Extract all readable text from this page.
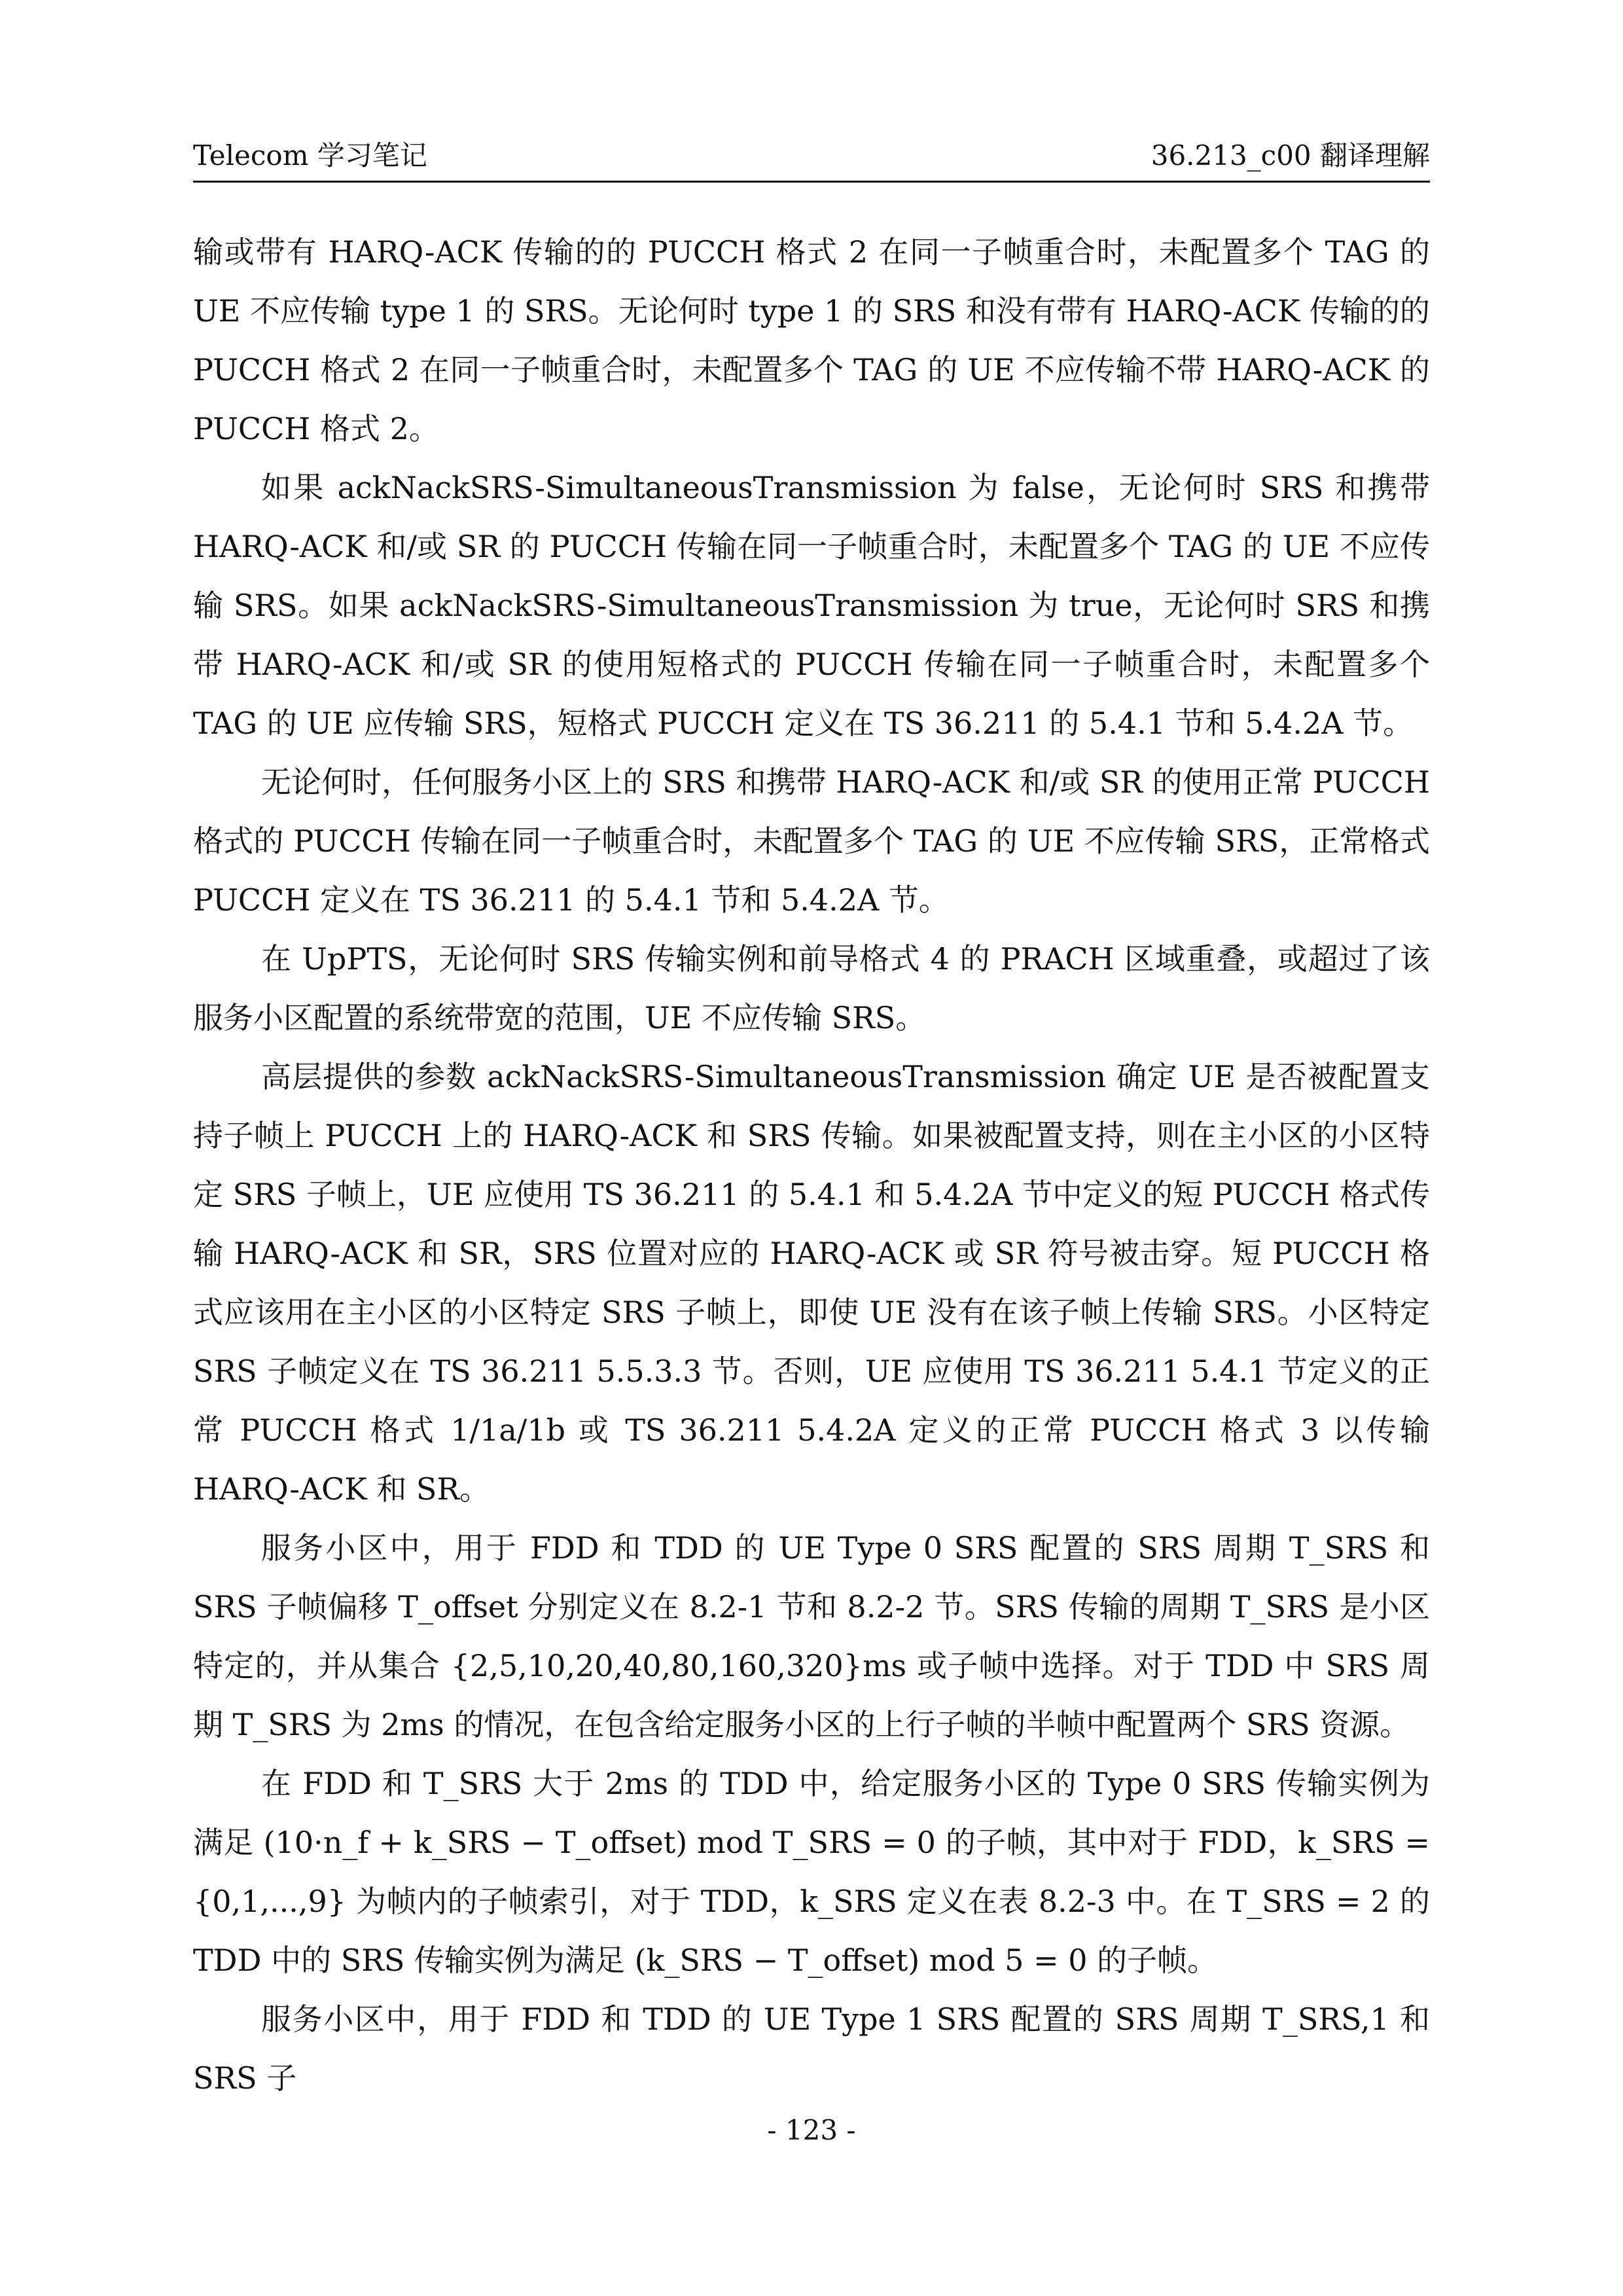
Telecom 学习笔记	36.213_c00 翻译理解

输或带有 HARQ-ACK 传输的的 PUCCH 格式 2 在同一子帧重合时，未配置多个 TAG 的 UE 不应传输 type 1 的 SRS。无论何时 type 1 的 SRS 和没有带有 HARQ-ACK 传输的的 PUCCH 格式 2 在同一子帧重合时，未配置多个 TAG 的 UE 不应传输不带 HARQ-ACK 的 PUCCH 格式 2。

如果 ackNackSRS-SimultaneousTransmission 为 false，无论何时 SRS 和携带 HARQ-ACK 和/或 SR 的 PUCCH 传输在同一子帧重合时，未配置多个 TAG 的 UE 不应传输 SRS。如果 ackNackSRS-SimultaneousTransmission 为 true，无论何时 SRS 和携带 HARQ-ACK 和/或 SR 的使用短格式的 PUCCH 传输在同一子帧重合时，未配置多个 TAG 的 UE 应传输 SRS，短格式 PUCCH 定义在 TS 36.211 的 5.4.1 节和 5.4.2A 节。

无论何时，任何服务小区上的 SRS 和携带 HARQ-ACK 和/或 SR 的使用正常 PUCCH 格式的 PUCCH 传输在同一子帧重合时，未配置多个 TAG 的 UE 不应传输 SRS，正常格式 PUCCH 定义在 TS 36.211 的 5.4.1 节和 5.4.2A 节。

在 UpPTS，无论何时 SRS 传输实例和前导格式 4 的 PRACH 区域重叠，或超过了该服务小区配置的系统带宽的范围，UE 不应传输 SRS。

高层提供的参数 ackNackSRS-SimultaneousTransmission 确定 UE 是否被配置支持子帧上 PUCCH 上的 HARQ-ACK 和 SRS 传输。如果被配置支持，则在主小区的小区特定 SRS 子帧上，UE 应使用 TS 36.211 的 5.4.1 和 5.4.2A 节中定义的短 PUCCH 格式传输 HARQ-ACK 和 SR，SRS 位置对应的 HARQ-ACK 或 SR 符号被击穿。短 PUCCH 格式应该用在主小区的小区特定 SRS 子帧上，即使 UE 没有在该子帧上传输 SRS。小区特定 SRS 子帧定义在 TS 36.211 5.5.3.3 节。否则，UE 应使用 TS 36.211 5.4.1 节定义的正常 PUCCH 格式 1/1a/1b 或 TS 36.211 5.4.2A 定义的正常 PUCCH 格式 3 以传输 HARQ-ACK 和 SR。

服务小区中，用于 FDD 和 TDD 的 UE Type 0 SRS 配置的 SRS 周期 T_SRS 和 SRS 子帧偏移 T_offset 分别定义在 8.2-1 节和 8.2-2 节。SRS 传输的周期 T_SRS 是小区特定的，并从集合 {2,5,10,20,40,80,160,320}ms 或子帧中选择。对于 TDD 中 SRS 周期 T_SRS 为 2ms 的情况，在包含给定服务小区的上行子帧的半帧中配置两个 SRS 资源。

在 FDD 和 T_SRS 大于 2ms 的 TDD 中，给定服务小区的 Type 0 SRS 传输实例为满足 (10·n_f + k_SRS − T_offset) mod T_SRS = 0 的子帧，其中对于 FDD，k_SRS = {0,1,...,9} 为帧内的子帧索引，对于 TDD，k_SRS 定义在表 8.2-3 中。在 T_SRS = 2 的 TDD 中的 SRS 传输实例为满足 (k_SRS − T_offset) mod 5 = 0 的子帧。

服务小区中，用于 FDD 和 TDD 的 UE Type 1 SRS 配置的 SRS 周期 T_SRS,1 和 SRS 子

- 123 -
